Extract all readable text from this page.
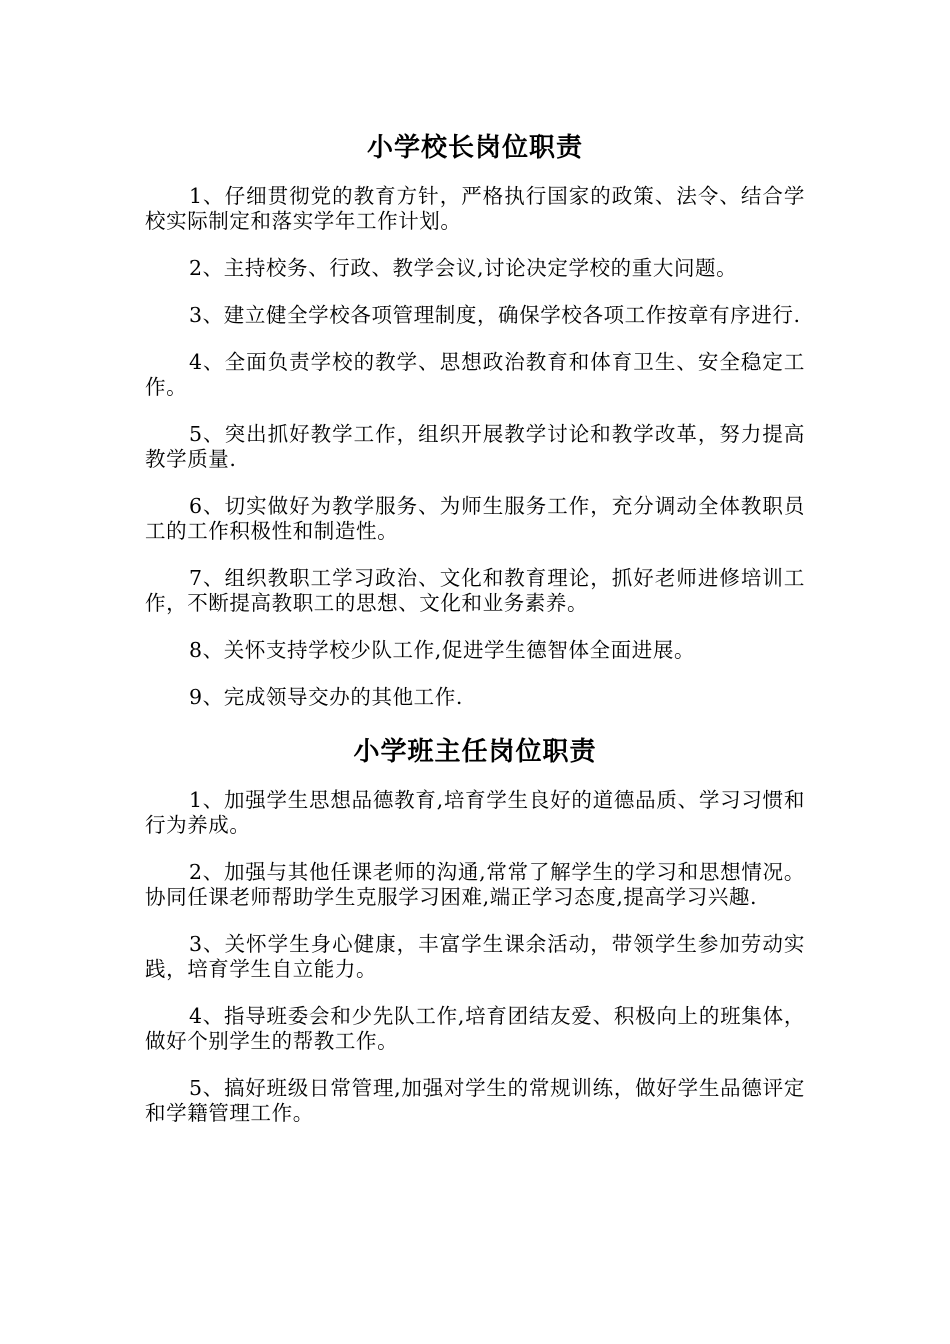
小学校长岗位职责

1、仔细贯彻党的教育方针，严格执行国家的政策、法令、结合学校实际制定和落实学年工作计划。

2、主持校务、行政、教学会议,讨论决定学校的重大问题。

3、建立健全学校各项管理制度，确保学校各项工作按章有序进行.

4、全面负责学校的教学、思想政治教育和体育卫生、安全稳定工作。

5、突出抓好教学工作，组织开展教学讨论和教学改革，努力提高教学质量.

6、切实做好为教学服务、为师生服务工作，充分调动全体教职员工的工作积极性和制造性。

7、组织教职工学习政治、文化和教育理论，抓好老师进修培训工作，不断提高教职工的思想、文化和业务素养。

8、关怀支持学校少队工作,促进学生德智体全面进展。

9、完成领导交办的其他工作.

小学班主任岗位职责

1、加强学生思想品德教育,培育学生良好的道德品质、学习习惯和行为养成。

2、加强与其他任课老师的沟通,常常了解学生的学习和思想情况。协同任课老师帮助学生克服学习困难,端正学习态度,提高学习兴趣.

3、关怀学生身心健康，丰富学生课余活动，带领学生参加劳动实践，培育学生自立能力。

4、指导班委会和少先队工作,培育团结友爱、积极向上的班集体，做好个别学生的帮教工作。

5、搞好班级日常管理,加强对学生的常规训练，做好学生品德评定和学籍管理工作。
